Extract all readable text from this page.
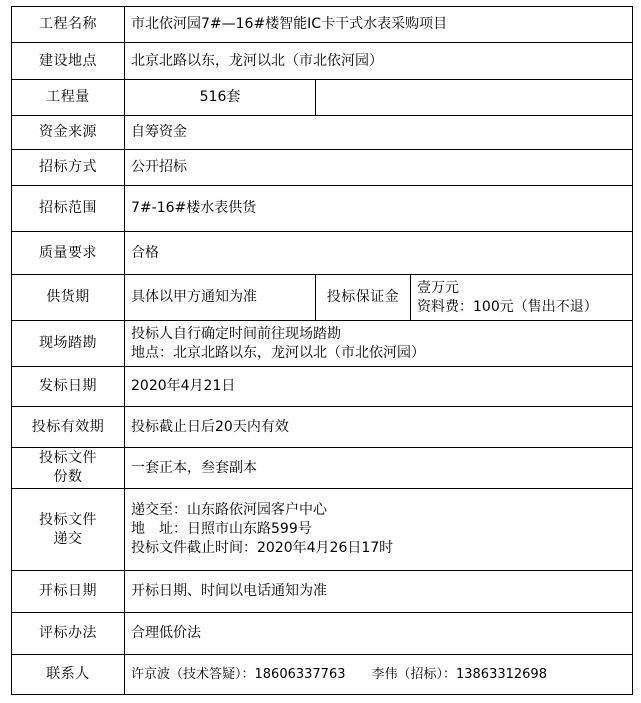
工程名称	市北依河园7#—16#楼智能IC卡干式水表采购项目		
建设地点	北京北路以东，龙河以北（市北依河园）		
工程量	516套		

资金来源	自筹资金		
招标方式	公开招标		
招标范围	7#-16#楼水表供货		
质量要求	合格		
供货期	具体以甲方通知为准	投标保证金	壹万元
资料费：100元（售出不退）

现场踏勘	投标人自行确定时间前往现场踏勘
地点：北京北路以东，龙河以北（市北依河园）		

发标日期	2020年4月21日		
投标有效期	投标截止日后20天内有效		

投标文件
份数	一套正本，叁套副本		

投标文件
递交	递交至：山东路依河园客户中心
地　址：日照市山东路599号
投标文件截止时间：2020年4月26日17时		

开标日期	开标日期、时间以电话通知为准		
评标办法	合理低价法		
联系人	许京波（技术答疑）：18606337763 李伟（招标）：13863312698		
